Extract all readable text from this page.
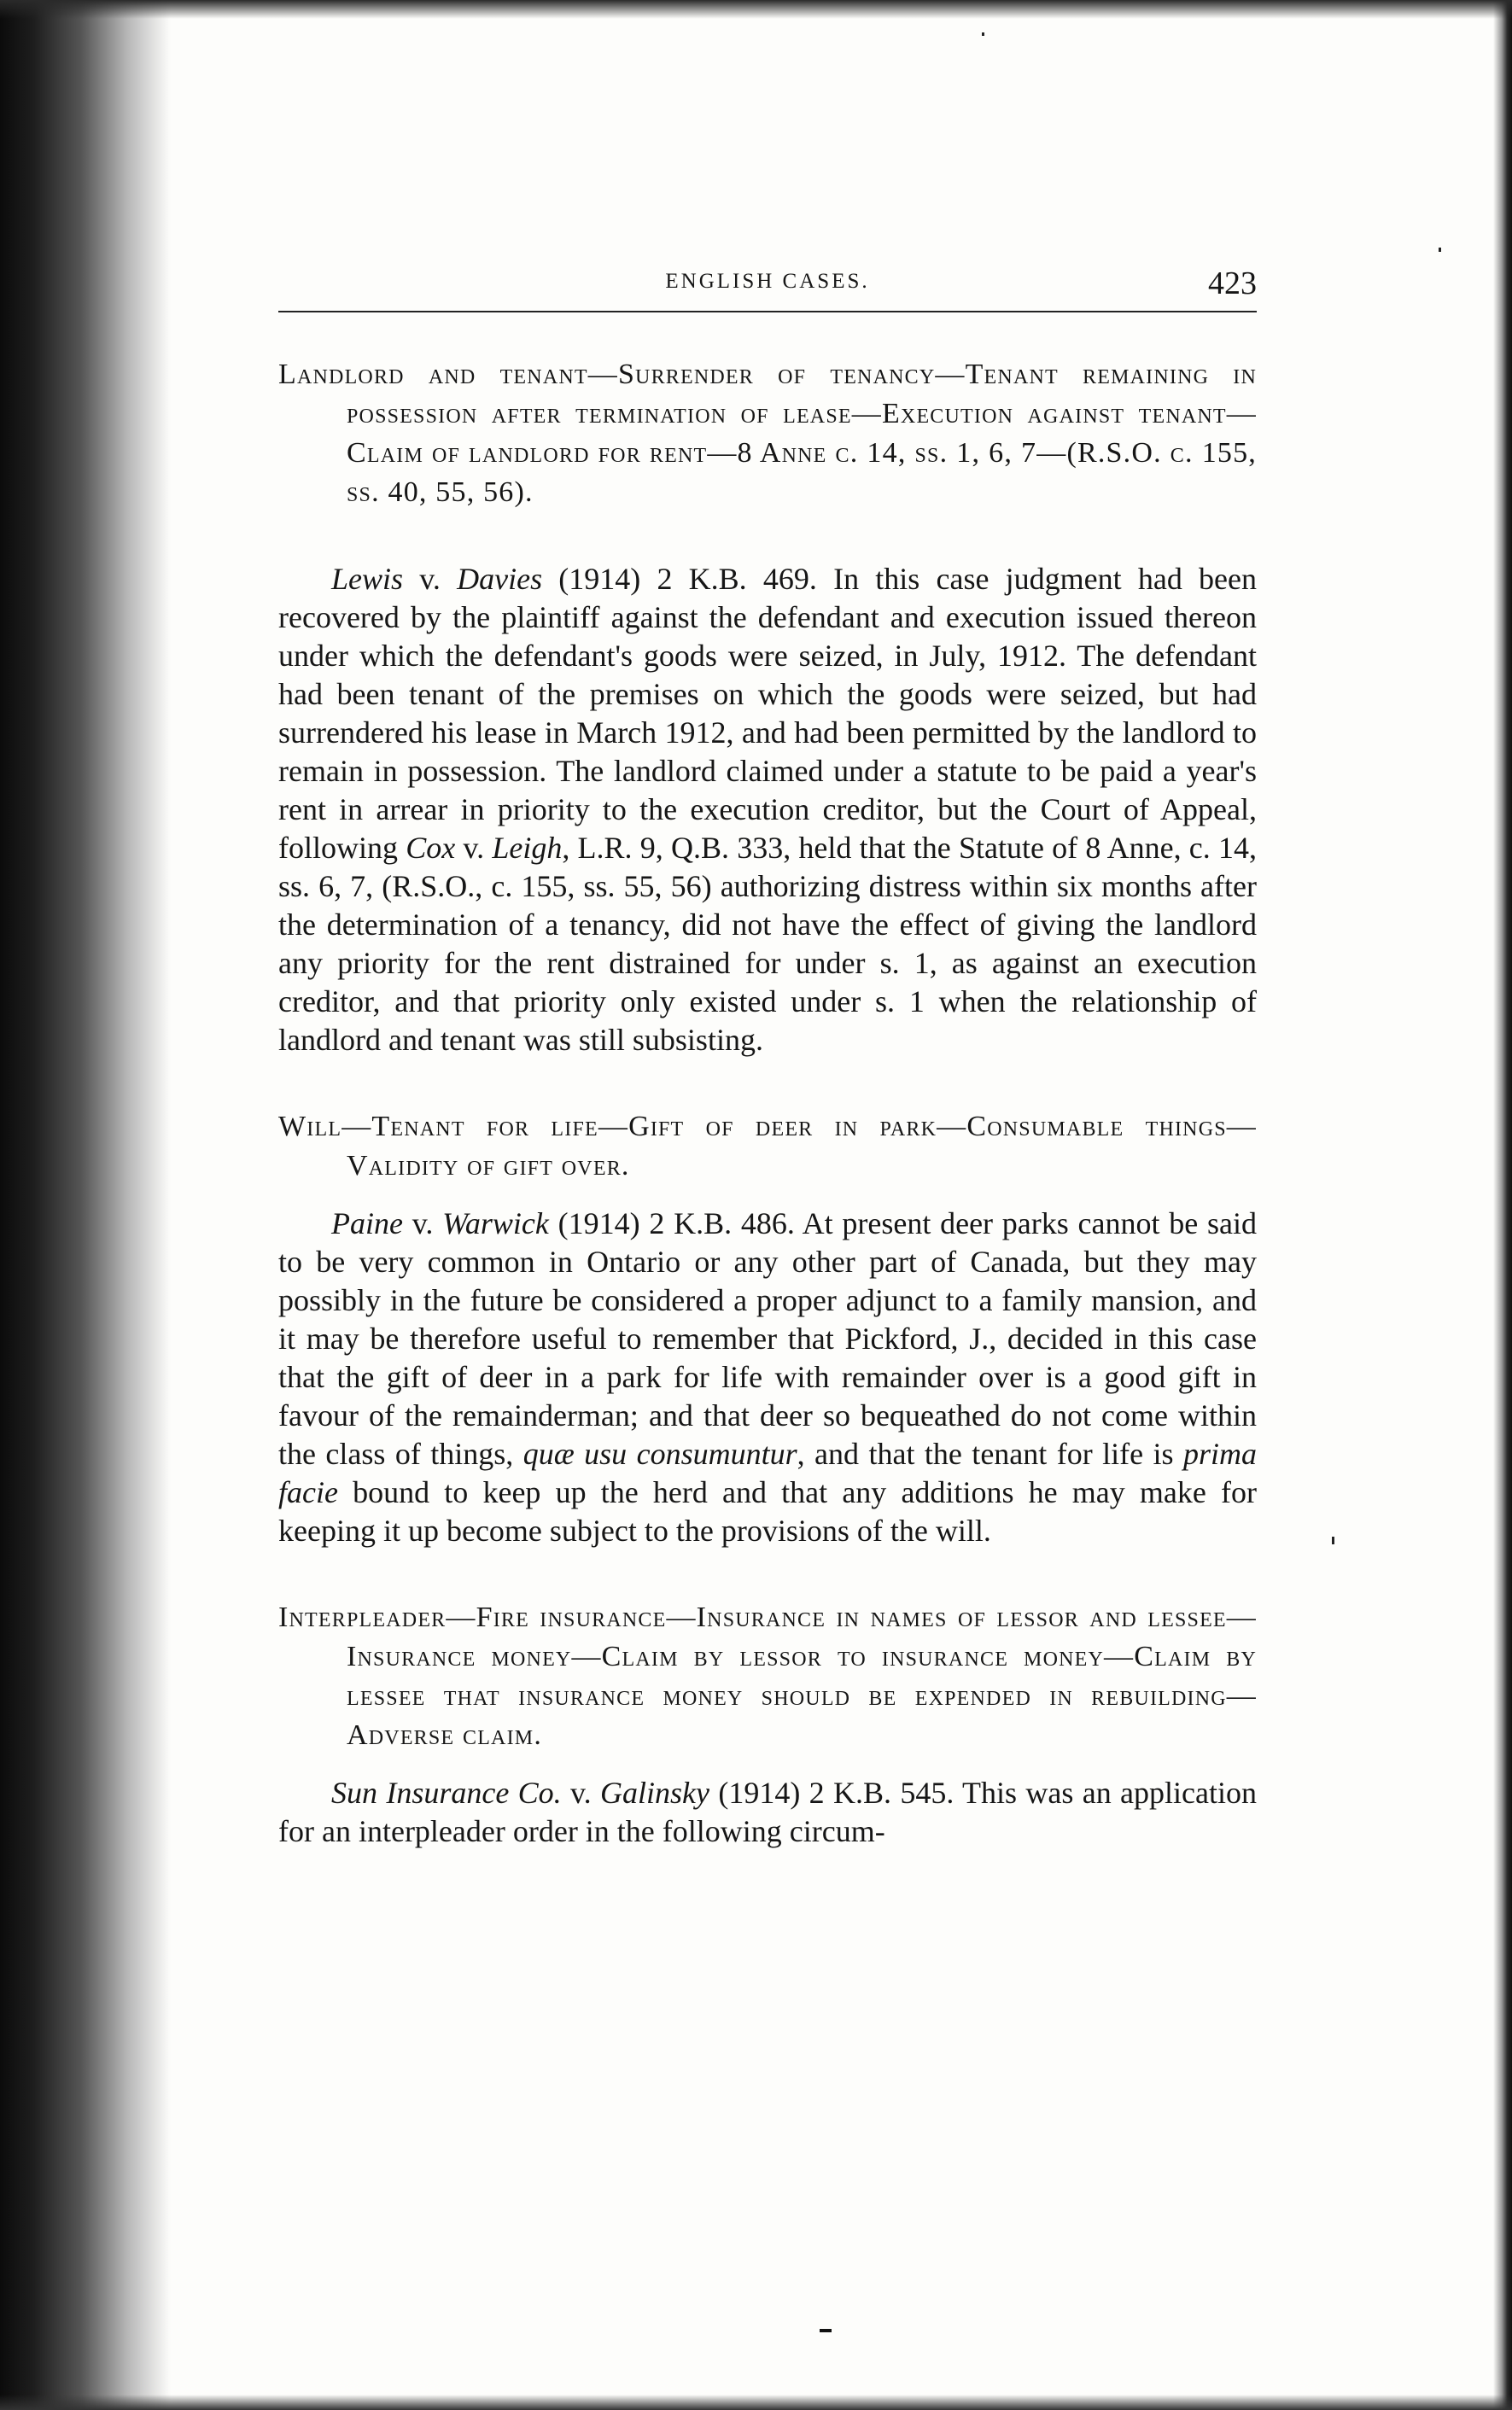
ENGLISH CASES.	423

Landlord and tenant—Surrender of tenancy—Tenant remaining in possession after termination of lease—Execution against tenant—Claim of landlord for rent—8 Anne c. 14, ss. 1, 6, 7—(R.S.O. c. 155, ss. 40, 55, 56).

Lewis v. Davies (1914) 2 K.B. 469. In this case judgment had been recovered by the plaintiff against the defendant and execution issued thereon under which the defendant's goods were seized, in July, 1912. The defendant had been tenant of the premises on which the goods were seized, but had surrendered his lease in March 1912, and had been permitted by the landlord to remain in possession. The landlord claimed under a statute to be paid a year's rent in arrear in priority to the execution creditor, but the Court of Appeal, following Cox v. Leigh, L.R. 9, Q.B. 333, held that the Statute of 8 Anne, c. 14, ss. 6, 7, (R.S.O., c. 155, ss. 55, 56) authorizing distress within six months after the determination of a tenancy, did not have the effect of giving the landlord any priority for the rent distrained for under s. 1, as against an execution creditor, and that priority only existed under s. 1 when the relationship of landlord and tenant was still subsisting.

Will—Tenant for life—Gift of deer in park—Consumable things—Validity of gift over.

Paine v. Warwick (1914) 2 K.B. 486. At present deer parks cannot be said to be very common in Ontario or any other part of Canada, but they may possibly in the future be considered a proper adjunct to a family mansion, and it may be therefore useful to remember that Pickford, J., decided in this case that the gift of deer in a park for life with remainder over is a good gift in favour of the remainderman; and that deer so bequeathed do not come within the class of things, quæ usu consumuntur, and that the tenant for life is prima facie bound to keep up the herd and that any additions he may make for keeping it up become subject to the provisions of the will.

Interpleader—Fire insurance—Insurance in names of lessor and lessee—Insurance money—Claim by lessor to insurance money—Claim by lessee that insurance money should be expended in rebuilding—Adverse claim.

Sun Insurance Co. v. Galinsky (1914) 2 K.B. 545. This was an application for an interpleader order in the following circum-
